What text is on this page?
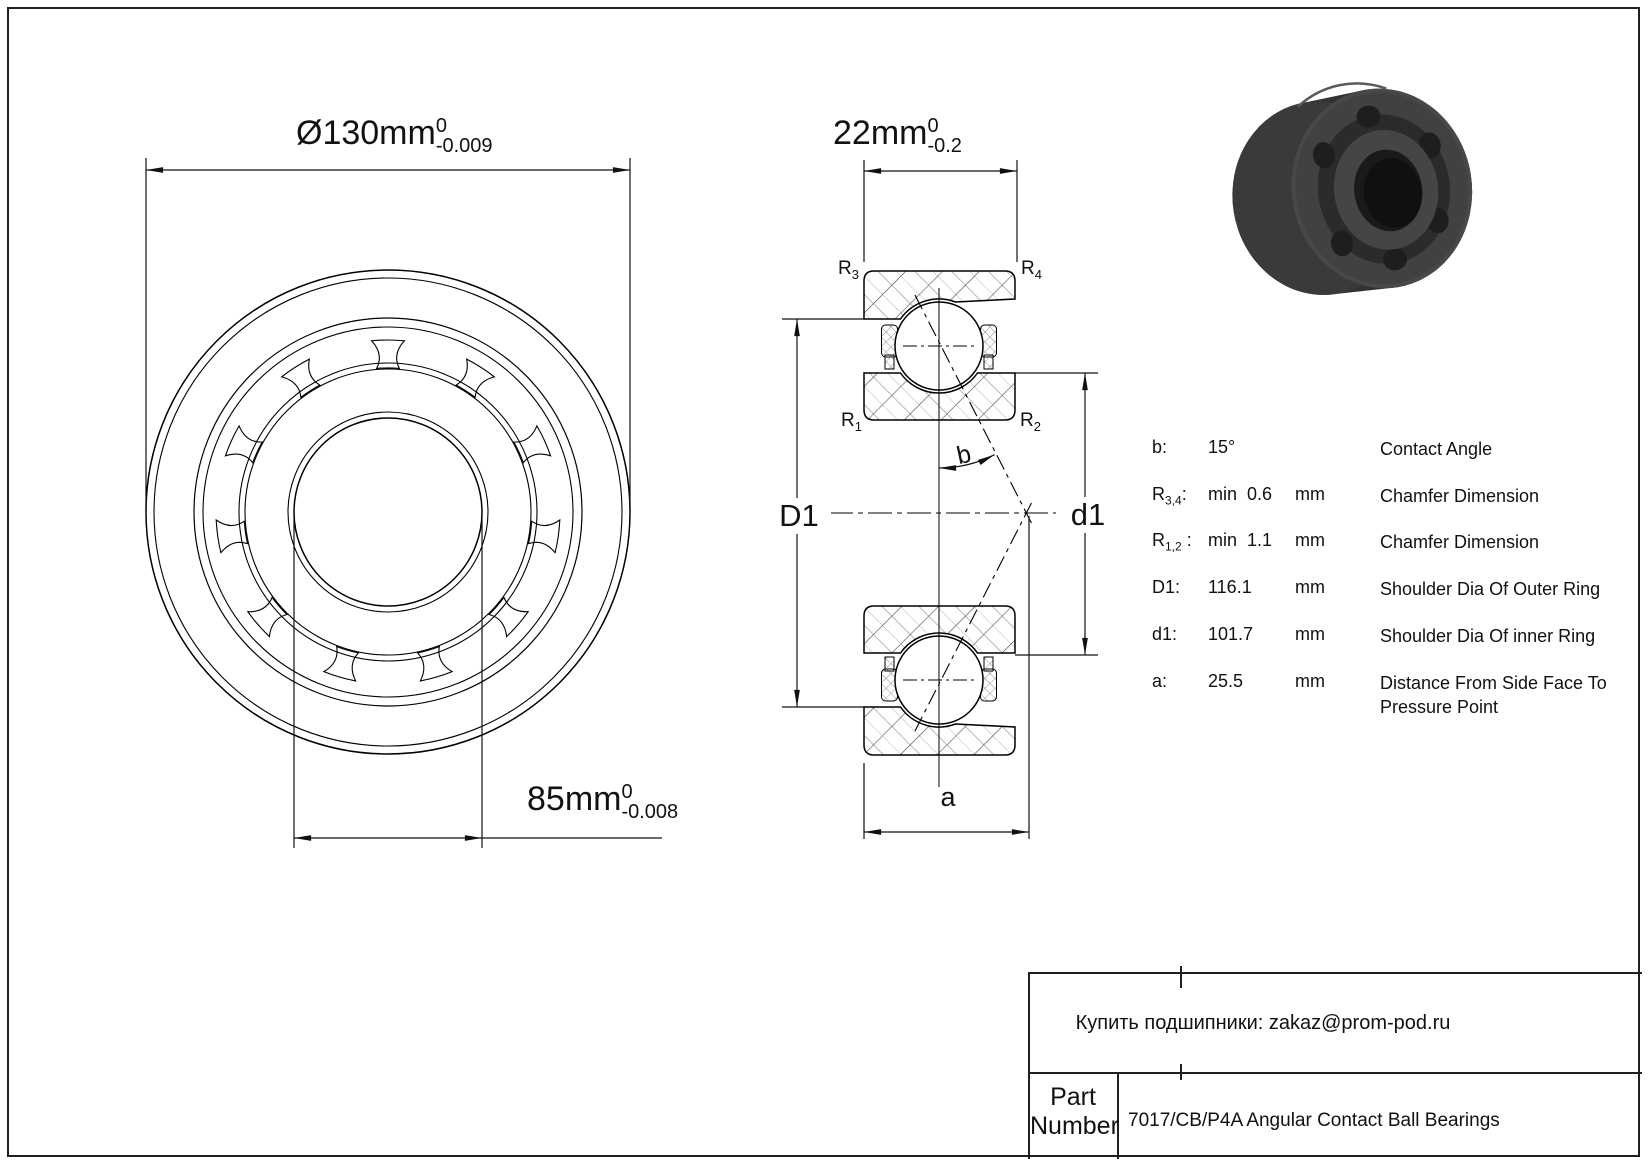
Ø130mm 0
-0.009	22mm 0
-0.2
85mm 0
-0.008
D1	d1
a
b
$R_3$	$R_4$
$R_1$	$R_2$
b: 15°	Contact Angle
$R_{3,4}$: min  0.6 mm	Chamfer Dimension
$R_{1,2}$ : min  1.1 mm	Chamfer Dimension
D1: 116.1 mm	Shoulder Dia Of Outer Ring
d1: 101.7 mm	Shoulder Dia Of inner Ring
a: 25.5	mm	Distance From Side Face To
Pressure Point
Купить подшипники: zakaz@prom-pod.ru
Part
Number 7017/CB/P4A Angular Contact Ball Bearings
